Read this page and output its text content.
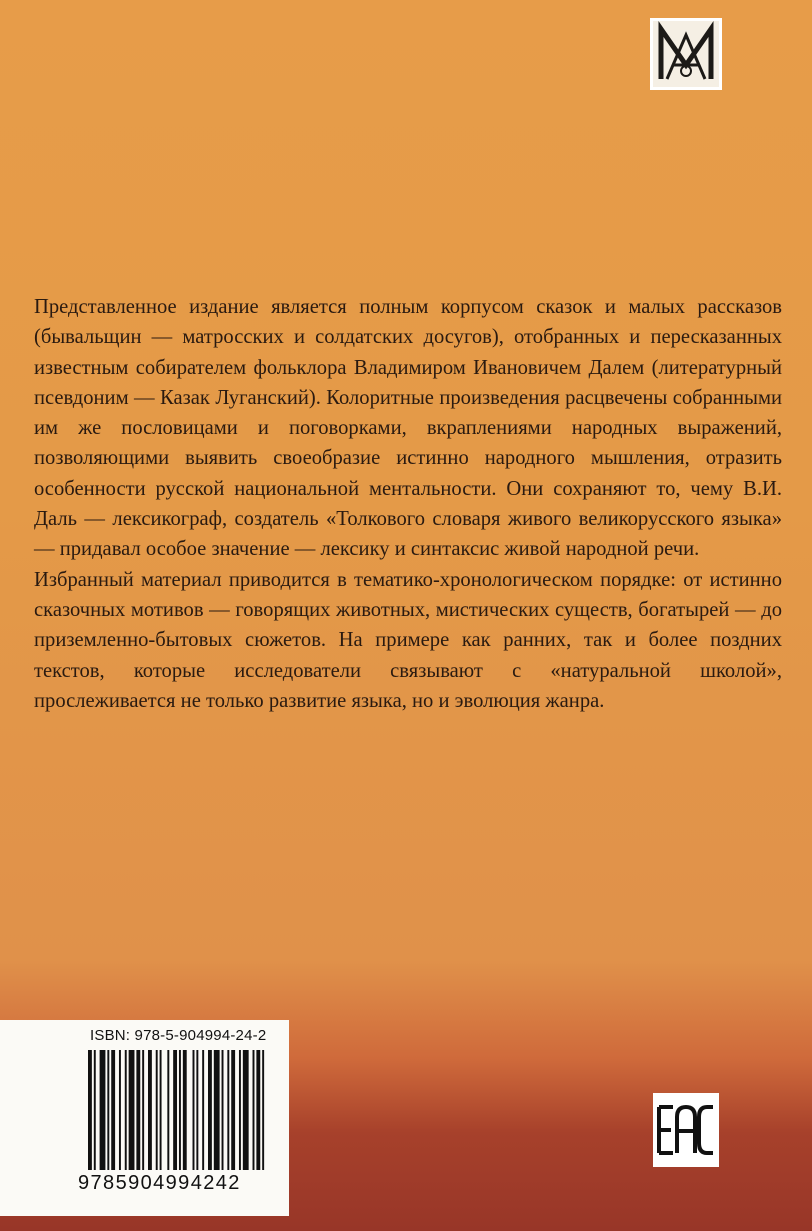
Представленное издание является полным корпусом сказок и малых рассказов (бывальщин — матросских и солдатских досугов), отобранных и пересказанных известным собирателем фольклора Владимиром Ивановичем Далем (литературный псевдоним — Казак Луганский). Колоритные произведения расцвечены собранными им же пословицами и поговорками, вкраплениями народных выражений, позволяющими выявить своеобразие истинно народного мышления, отразить особенности русской национальной ментальности. Они сохраняют то, чему В.И. Даль — лексикограф, создатель «Толкового словаря живого великорусского языка» — придавал особое значение — лексику и синтаксис живой народной речи.

Избранный материал приводится в тематико-хронологическом порядке: от истинно сказочных мотивов — говорящих животных, мистических существ, богатырей — до приземленно-бытовых сюжетов. На примере как ранних, так и более поздних текстов, которые исследователи связывают с «натуральной школой», прослеживается не только развитие языка, но и эволюция жанра.

ISBN: 978-5-904994-24-2
9785904994242
